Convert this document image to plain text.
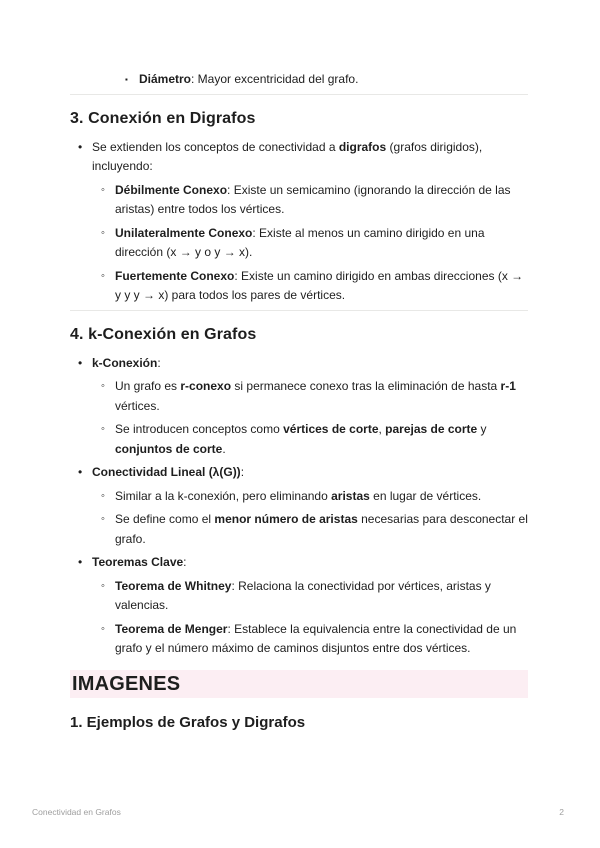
▪ Diámetro: Mayor excentricidad del grafo.
3. Conexión en Digrafos
• Se extienden los conceptos de conectividad a digrafos (grafos dirigidos), incluyendo:
◦ Débilmente Conexo: Existe un semicamino (ignorando la dirección de las aristas) entre todos los vértices.
◦ Unilateralmente Conexo: Existe al menos un camino dirigido en una dirección (x → y o y → x).
◦ Fuertemente Conexo: Existe un camino dirigido en ambas direcciones (x → y y y → x) para todos los pares de vértices.
4. k-Conexión en Grafos
• k-Conexión:
◦ Un grafo es r-conexo si permanece conexo tras la eliminación de hasta r-1 vértices.
◦ Se introducen conceptos como vértices de corte, parejas de corte y conjuntos de corte.
• Conectividad Lineal (λ(G)):
◦ Similar a la k-conexión, pero eliminando aristas en lugar de vértices.
◦ Se define como el menor número de aristas necesarias para desconectar el grafo.
• Teoremas Clave:
◦ Teorema de Whitney: Relaciona la conectividad por vértices, aristas y valencias.
◦ Teorema de Menger: Establece la equivalencia entre la conectividad de un grafo y el número máximo de caminos disjuntos entre dos vértices.
IMAGENES
1. Ejemplos de Grafos y Digrafos
Conectividad en Grafos	2
